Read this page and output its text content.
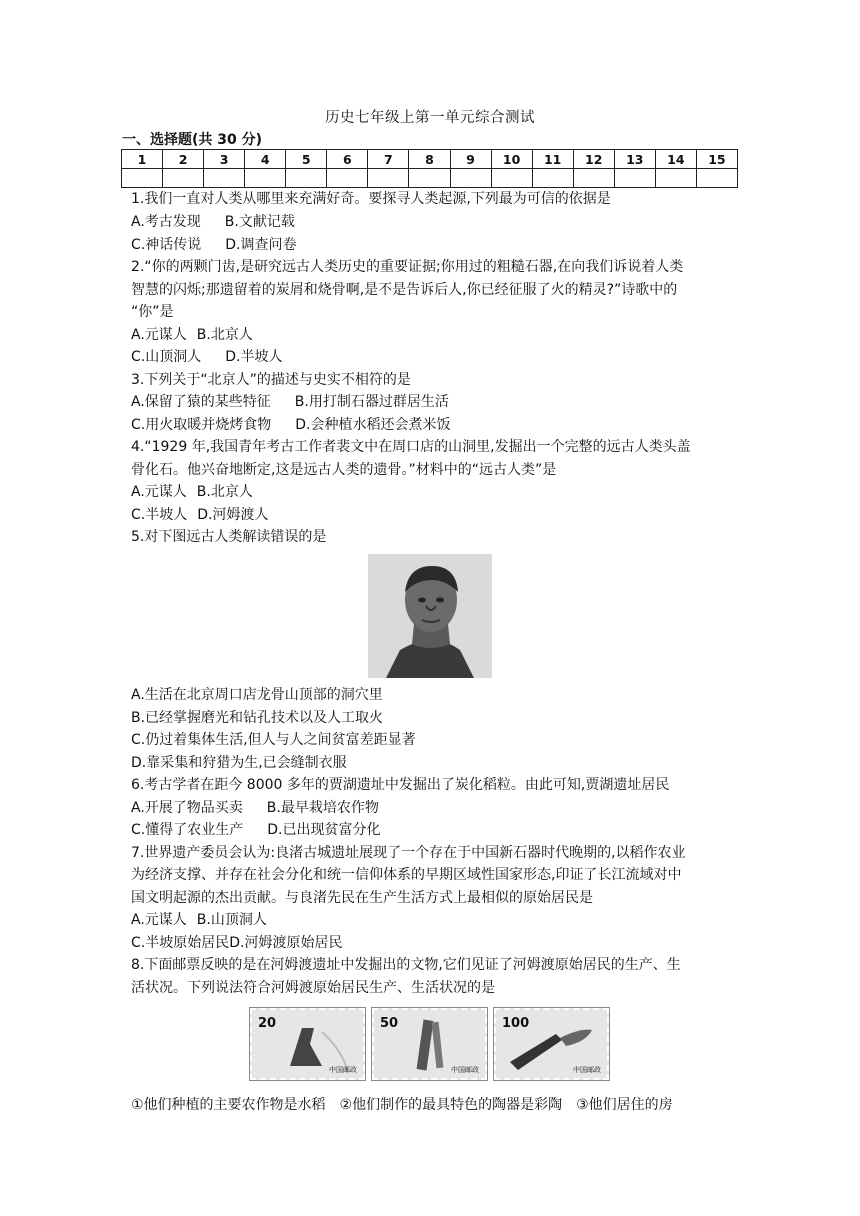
历史七年级上第一单元综合测试
一、选择题(共 30 分)
1	2	3	4	5	6	7	8	9	10	11	12	13	14	15

1.我们一直对人类从哪里来充满好奇。要探寻人类起源,下列最为可信的依据是
A.考古发现 B.文献记载
C.神话传说 D.调查问卷
2.“你的两颗门齿,是研究远古人类历史的重要证据;你用过的粗糙石器,在向我们诉说着人类
智慧的闪烁;那遗留着的炭屑和烧骨啊,是不是告诉后人,你已经征服了火的精灵?”诗歌中的
“你”是
A.元谋人 B.北京人
C.山顶洞人 D.半坡人
3.下列关于“北京人”的描述与史实不相符的是
A.保留了猿的某些特征 B.用打制石器过群居生活
C.用火取暖并烧烤食物 D.会种植水稻还会煮米饭
4.“1929 年,我国青年考古工作者裴文中在周口店的山洞里,发掘出一个完整的远古人类头盖
骨化石。他兴奋地断定,这是远古人类的遗骨。”材料中的“远古人类”是
A.元谋人 B.北京人
C.半坡人 D.河姆渡人
5.对下图远古人类解读错误的是
A.生活在北京周口店龙骨山顶部的洞穴里
B.已经掌握磨光和钻孔技术以及人工取火
C.仍过着集体生活,但人与人之间贫富差距显著
D.靠采集和狩猎为生,已会缝制衣服
6.考古学者在距今 8000 多年的贾湖遗址中发掘出了炭化稻粒。由此可知,贾湖遗址居民
A.开展了物品买卖 B.最早栽培农作物
C.懂得了农业生产 D.已出现贫富分化
7.世界遗产委员会认为:良渚古城遗址展现了一个存在于中国新石器时代晚期的,以稻作农业
为经济支撑、并存在社会分化和统一信仰体系的早期区域性国家形态,印证了长江流域对中
国文明起源的杰出贡献。与良渚先民在生产生活方式上最相似的原始居民是
A.元谋人 B.山顶洞人
C.半坡原始居民D.河姆渡原始居民
8.下面邮票反映的是在河姆渡遗址中发掘出的文物,它们见证了河姆渡原始居民的生产、生
活状况。下列说法符合河姆渡原始居民生产、生活状况的是
20
中国邮政
50
中国邮政
100
中国邮政
①他们种植的主要农作物是水稻　②他们制作的最具特色的陶器是彩陶　③他们居住的房
